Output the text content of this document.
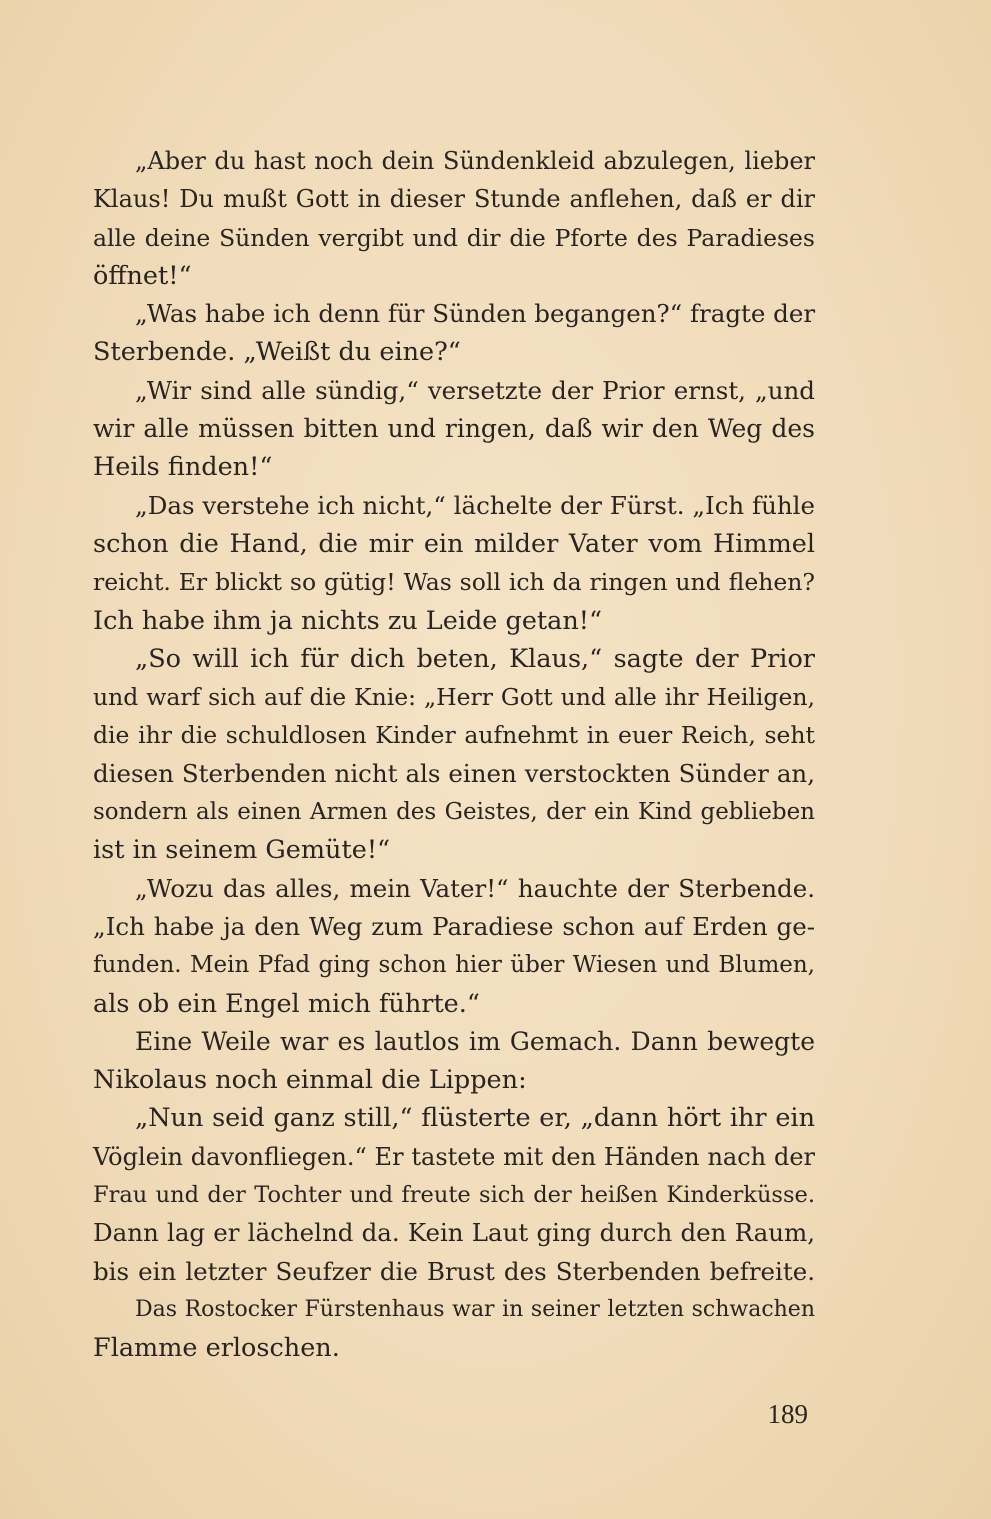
„Aber du hast noch dein Sündenkleid abzulegen, lieber
Klaus! Du mußt Gott in dieser Stunde anflehen, daß er dir
alle deine Sünden vergibt und dir die Pforte des Paradieses
öffnet!“
„Was habe ich denn für Sünden begangen?“ fragte der
Sterbende. „Weißt du eine?“
„Wir sind alle sündig,“ versetzte der Prior ernst, „und
wir alle müssen bitten und ringen, daß wir den Weg des
Heils finden!“
„Das verstehe ich nicht,“ lächelte der Fürst. „Ich fühle
schon die Hand, die mir ein milder Vater vom Himmel
reicht. Er blickt so gütig! Was soll ich da ringen und flehen?
Ich habe ihm ja nichts zu Leide getan!“
„So will ich für dich beten, Klaus,“ sagte der Prior
und warf sich auf die Knie: „Herr Gott und alle ihr Heiligen,
die ihr die schuldlosen Kinder aufnehmt in euer Reich, seht
diesen Sterbenden nicht als einen verstockten Sünder an,
sondern als einen Armen des Geistes, der ein Kind geblieben
ist in seinem Gemüte!“
„Wozu das alles, mein Vater!“ hauchte der Sterbende.
„Ich habe ja den Weg zum Paradiese schon auf Erden ge-
funden. Mein Pfad ging schon hier über Wiesen und Blumen,
als ob ein Engel mich führte.“
Eine Weile war es lautlos im Gemach. Dann bewegte
Nikolaus noch einmal die Lippen:
„Nun seid ganz still,“ flüsterte er, „dann hört ihr ein
Vöglein davonfliegen.“ Er tastete mit den Händen nach der
Frau und der Tochter und freute sich der heißen Kinderküsse.
Dann lag er lächelnd da. Kein Laut ging durch den Raum,
bis ein letzter Seufzer die Brust des Sterbenden befreite.
Das Rostocker Fürstenhaus war in seiner letzten schwachen
Flamme erloschen.
189
